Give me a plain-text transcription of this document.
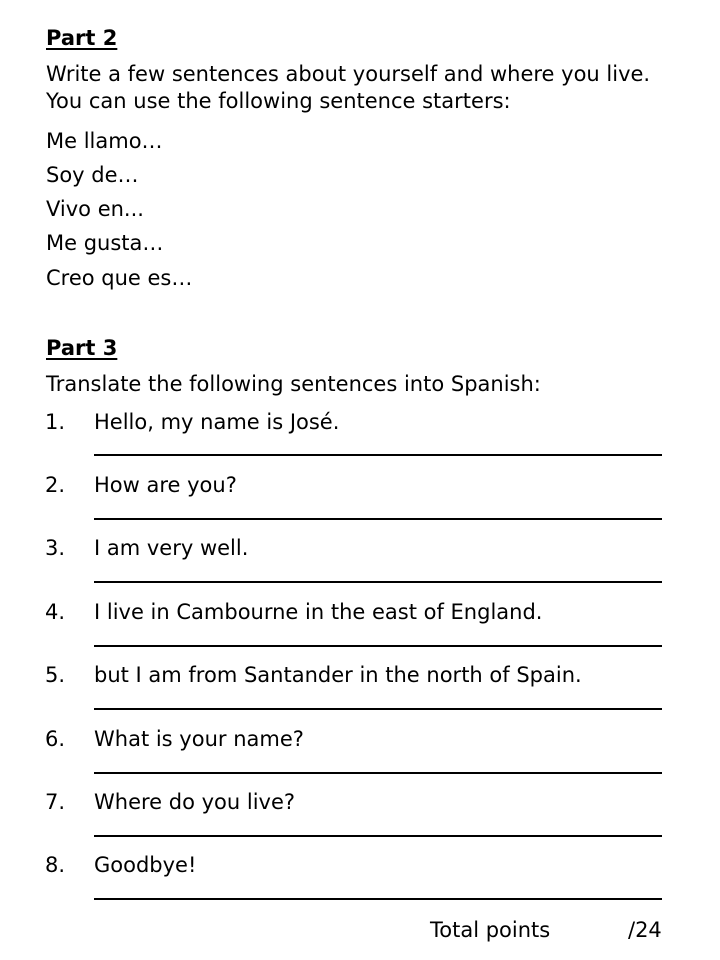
Part 2
Write a few sentences about yourself and where you live.
You can use the following sentence starters:
Me llamo…
Soy de…
Vivo en...
Me gusta…
Creo que es…
Part 3
Translate the following sentences into Spanish:
1. Hello, my name is José.
2. How are you?
3. I am very well.
4. I live in Cambourne in the east of England.
5. but I am from Santander in the north of Spain.
6. What is your name?
7. Where do you live?
8. Goodbye!
Total points	/24
